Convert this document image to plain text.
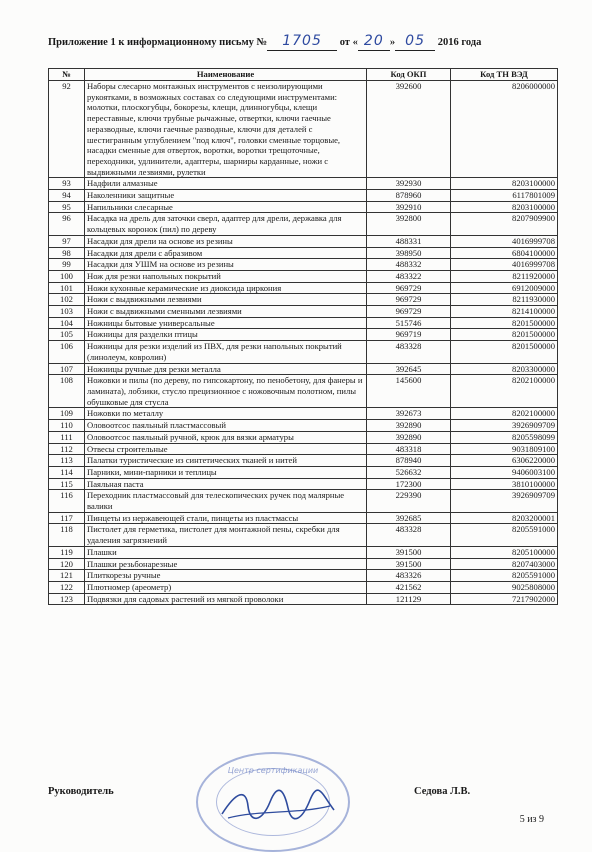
Приложение 1 к информационному письму № 1705 от « 20 » 05 2016 года
№	Наименование	Код ОКП	Код ТН ВЭД
92	Наборы слесарно монтажных инструментов с неизолирующими рукоятками, в возможных составах со следующими инструментами: молотки, плоскогубцы, бокорезы, клещи, длинногубцы, клещи переставные, ключи трубные рычажные, отвертки, ключи гаечные неразводные, ключи гаечные разводные, ключи для деталей с шестигранным углублением "под ключ", головки сменные торцовые, насадки сменные для отверток, воротки, воротки трещоточные, переходники, удлинители, адаптеры, шарниры карданные, ножи с выдвижными лезвиями, рулетки	392600	8206000000
93	Надфили алмазные	392930	8203100000
94	Наколенники защитные	878960	6117801009
95	Напильники слесарные	392910	8203100000
96	Насадка на дрель для заточки сверл, адаптер для дрели, державка для кольцевых коронок (пил) по дереву	392800	8207909900
97	Насадки для дрели на основе из резины	488331	4016999708
98	Насадки для дрели с абразивом	398950	6804100000
99	Насадки для УШМ на основе из резины	488332	4016999708
100	Нож для резки напольных покрытий	483322	8211920000
101	Ножи кухонные керамические из диоксида циркония	969729	6912009000
102	Ножи с выдвижными лезвиями	969729	8211930000
103	Ножи с выдвижными сменными лезвиями	969729	8214100000
104	Ножницы бытовые универсальные	515746	8201500000
105	Ножницы для разделки птицы	969719	8201500000
106	Ножницы для резки изделий из ПВХ, для резки напольных покрытий (линолеум, ковролин)	483328	8201500000
107	Ножницы ручные для резки металла	392645	8203300000
108	Ножовки и пилы (по дереву, по гипсокартону, по пенобетону, для фанеры и ламината), лобзики, стусло прецизионное с ножовочным полотном, пилы обушковые для стусла	145600	8202100000
109	Ножовки по металлу	392673	8202100000
110	Оловоотсос паяльный пластмассовый	392890	3926909709
111	Оловоотсос паяльный ручной, крюк для вязки арматуры	392890	8205598099
112	Отвесы строительные	483318	9031809100
113	Палатки туристические из синтетических тканей и нитей	878940	6306220000
114	Парники, мини-парники и теплицы	526632	9406003100
115	Паяльная паста	172300	3810100000
116	Переходник пластмассовый для телескопических ручек под малярные валики	229390	3926909709
117	Пинцеты из нержавеющей стали, пинцеты из пластмассы	392685	8203200001
118	Пистолет для герметика, пистолет для монтажной пены, скребки для удаления загрязнений	483328	8205591000
119	Плашки	391500	8205100000
120	Плашки резьбонарезные	391500	8207403000
121	Плиткорезы ручные	483326	8205591000
122	Плютномер (ареометр)	421562	9025808000
123	Подвязки для садовых растений из мягкой проволоки	121129	7217902000
Руководитель	Седова Л.В.
5 из 9
Центр сертификации
